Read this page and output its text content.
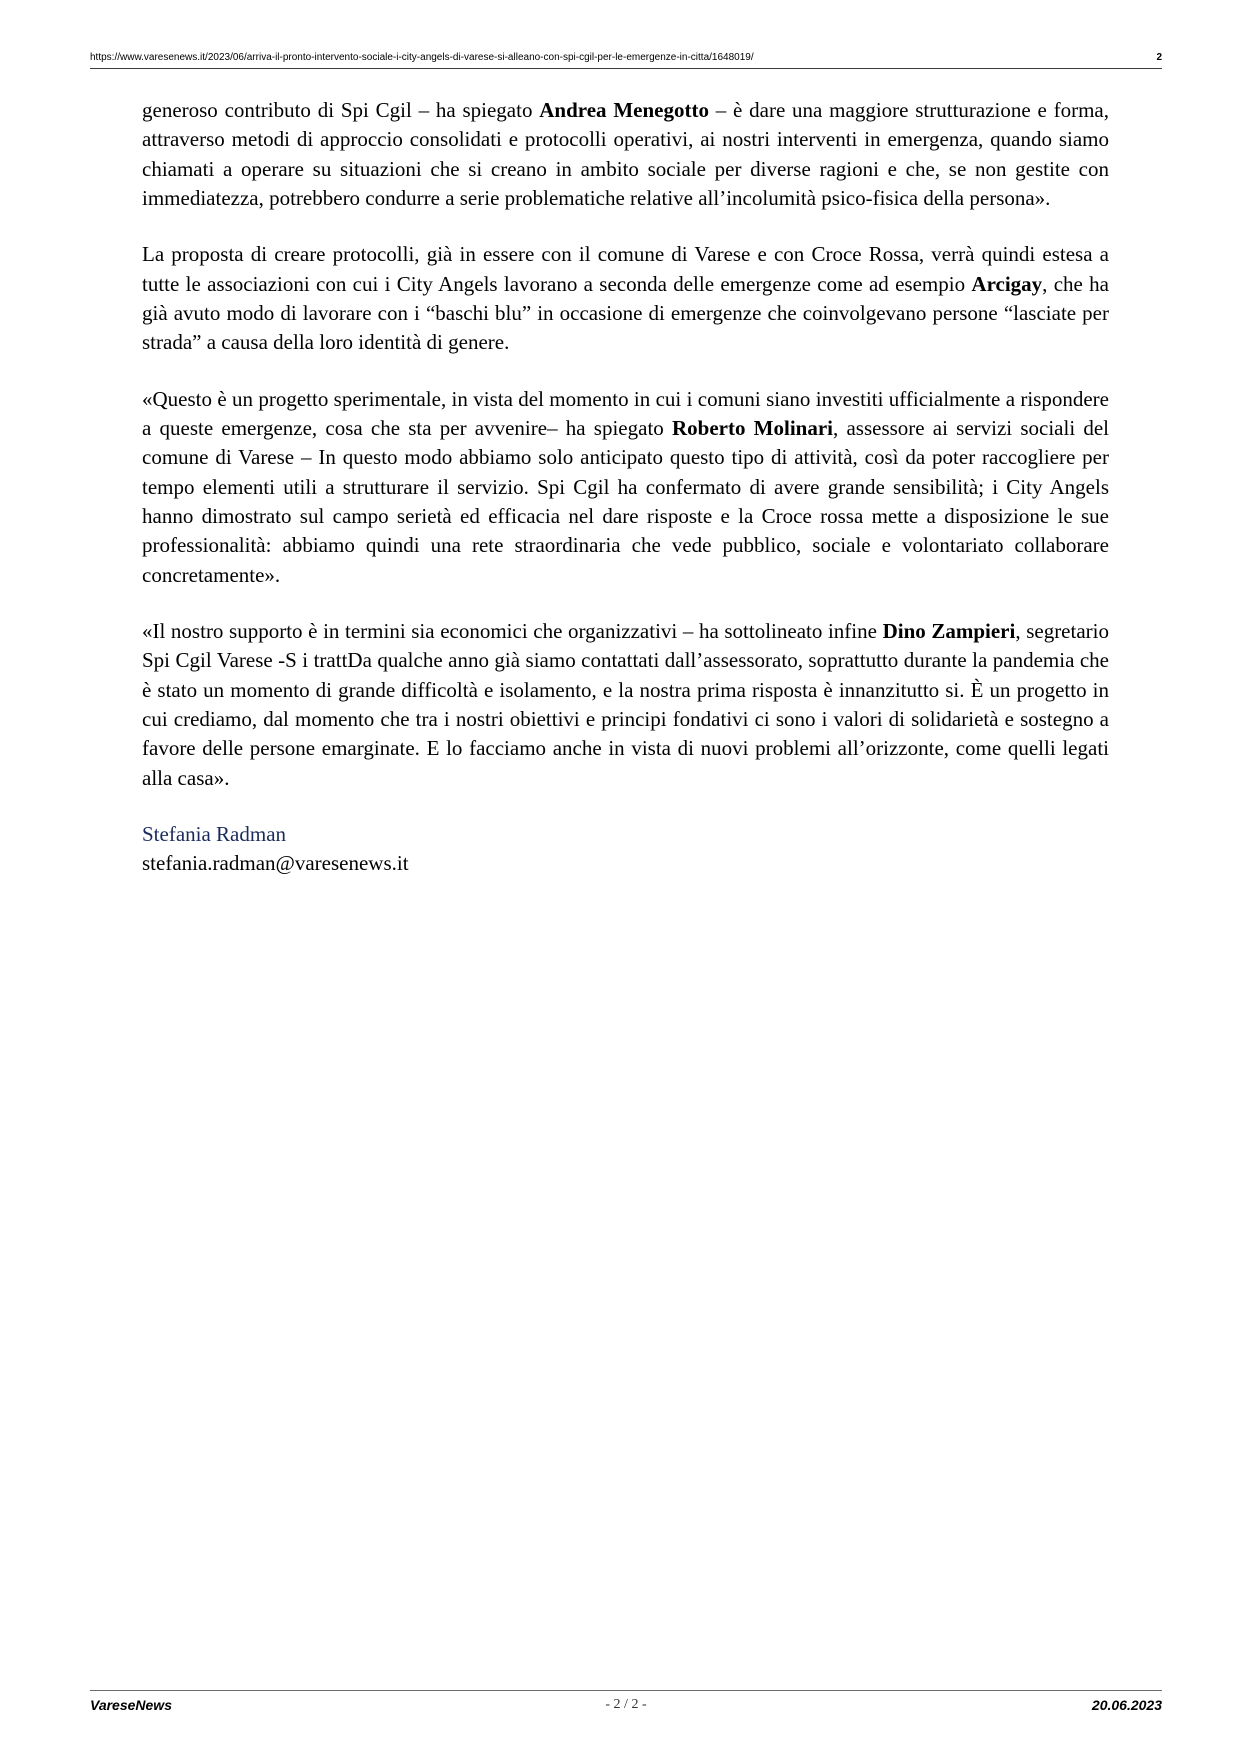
https://www.varesenews.it/2023/06/arriva-il-pronto-intervento-sociale-i-city-angels-di-varese-si-alleano-con-spi-cgil-per-le-emergenze-in-citta/1648019/	2

generoso contributo di Spi Cgil – ha spiegato Andrea Menegotto – è dare una maggiore strutturazione e forma, attraverso metodi di approccio consolidati e protocolli operativi, ai nostri interventi in emergenza, quando siamo chiamati a operare su situazioni che si creano in ambito sociale per diverse ragioni e che, se non gestite con immediatezza, potrebbero condurre a serie problematiche relative all’incolumità psico-fisica della persona».

La proposta di creare protocolli, già in essere con il comune di Varese e con Croce Rossa, verrà quindi estesa a tutte le associazioni con cui i City Angels lavorano a seconda delle emergenze come ad esempio Arcigay, che ha già avuto modo di lavorare con i “baschi blu” in occasione di emergenze che coinvolgevano persone “lasciate per strada” a causa della loro identità di genere.

«Questo è un progetto sperimentale, in vista del momento in cui i comuni siano investiti ufficialmente a rispondere a queste emergenze, cosa che sta per avvenire– ha spiegato Roberto Molinari, assessore ai servizi sociali del comune di Varese – In questo modo abbiamo solo anticipato questo tipo di attività, così da poter raccogliere per tempo elementi utili a strutturare il servizio. Spi Cgil ha confermato di avere grande sensibilità; i City Angels hanno dimostrato sul campo serietà ed efficacia nel dare risposte e la Croce rossa mette a disposizione le sue professionalità: abbiamo quindi una rete straordinaria che vede pubblico, sociale e volontariato collaborare concretamente».

«Il nostro supporto è in termini sia economici che organizzativi – ha sottolineato infine Dino Zampieri, segretario Spi Cgil Varese -S i trattDa qualche anno già siamo contattati dall’assessorato, soprattutto durante la pandemia che è stato un momento di grande difficoltà e isolamento, e la nostra prima risposta è innanzitutto si. È un progetto in cui crediamo, dal momento che tra i nostri obiettivi e principi fondativi ci sono i valori di solidarietà e sostegno a favore delle persone emarginate. E lo facciamo anche in vista di nuovi problemi all’orizzonte, come quelli legati alla casa».

Stefania Radman
stefania.radman@varesenews.it
VareseNews	- 2 / 2 -	20.06.2023
